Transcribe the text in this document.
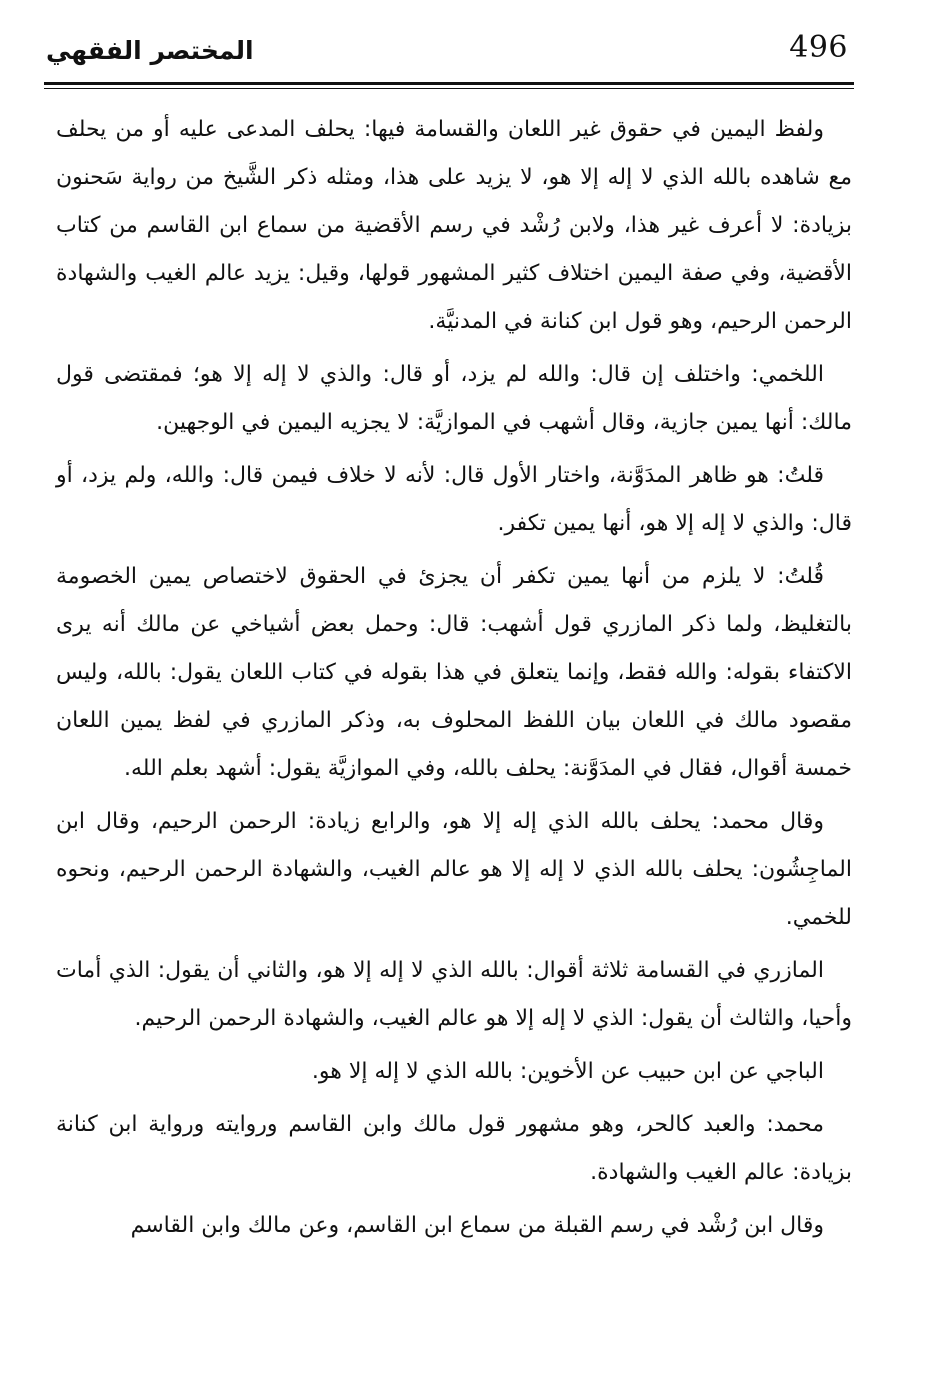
496
المختصر الفقهي

ولفظ اليمين في حقوق غير اللعان والقسامة فيها: يحلف المدعى عليه أو من يحلف مع شاهده بالله الذي لا إله إلا هو، لا يزيد على هذا، ومثله ذكر الشَّيخ من رواية سَحنون بزيادة: لا أعرف غير هذا، ولابن رُشْد في رسم الأقضية من سماع ابن القاسم من كتاب الأقضية، وفي صفة اليمين اختلاف كثير المشهور قولها، وقيل: يزيد عالم الغيب والشهادة الرحمن الرحيم، وهو قول ابن كنانة في المدنيَّة.

اللخمي: واختلف إن قال: والله لم يزد، أو قال: والذي لا إله إلا هو؛ فمقتضى قول مالك: أنها يمين جازية، وقال أشهب في الموازيَّة: لا يجزيه اليمين في الوجهين.

قلتُ: هو ظاهر المدَوَّنة، واختار الأول قال: لأنه لا خلاف فيمن قال: والله، ولم يزد، أو قال: والذي لا إله إلا هو، أنها يمين تكفر.

قُلتُ: لا يلزم من أنها يمين تكفر أن يجزئ في الحقوق لاختصاص يمين الخصومة بالتغليظ، ولما ذكر المازري قول أشهب: قال: وحمل بعض أشياخي عن مالك أنه يرى الاكتفاء بقوله: والله فقط، وإنما يتعلق في هذا بقوله في كتاب اللعان يقول: بالله، وليس مقصود مالك في اللعان بيان اللفظ المحلوف به، وذكر المازري في لفظ يمين اللعان خمسة أقوال، فقال في المدَوَّنة: يحلف بالله، وفي الموازيَّة يقول: أشهد بعلم الله.

وقال محمد: يحلف بالله الذي إله إلا هو، والرابع زيادة: الرحمن الرحيم، وقال ابن الماجِشُون: يحلف بالله الذي لا إله إلا هو عالم الغيب، والشهادة الرحمن الرحيم، ونحوه للخمي.

المازري في القسامة ثلاثة أقوال: بالله الذي لا إله إلا هو، والثاني أن يقول: الذي أمات وأحيا، والثالث أن يقول: الذي لا إله إلا هو عالم الغيب، والشهادة الرحمن الرحيم.

الباجي عن ابن حبيب عن الأخوين: بالله الذي لا إله إلا هو.

محمد: والعبد كالحر، وهو مشهور قول مالك وابن القاسم وروايته ورواية ابن كنانة بزيادة: عالم الغيب والشهادة.

وقال ابن رُشْد في رسم القبلة من سماع ابن القاسم، وعن مالك وابن القاسم
